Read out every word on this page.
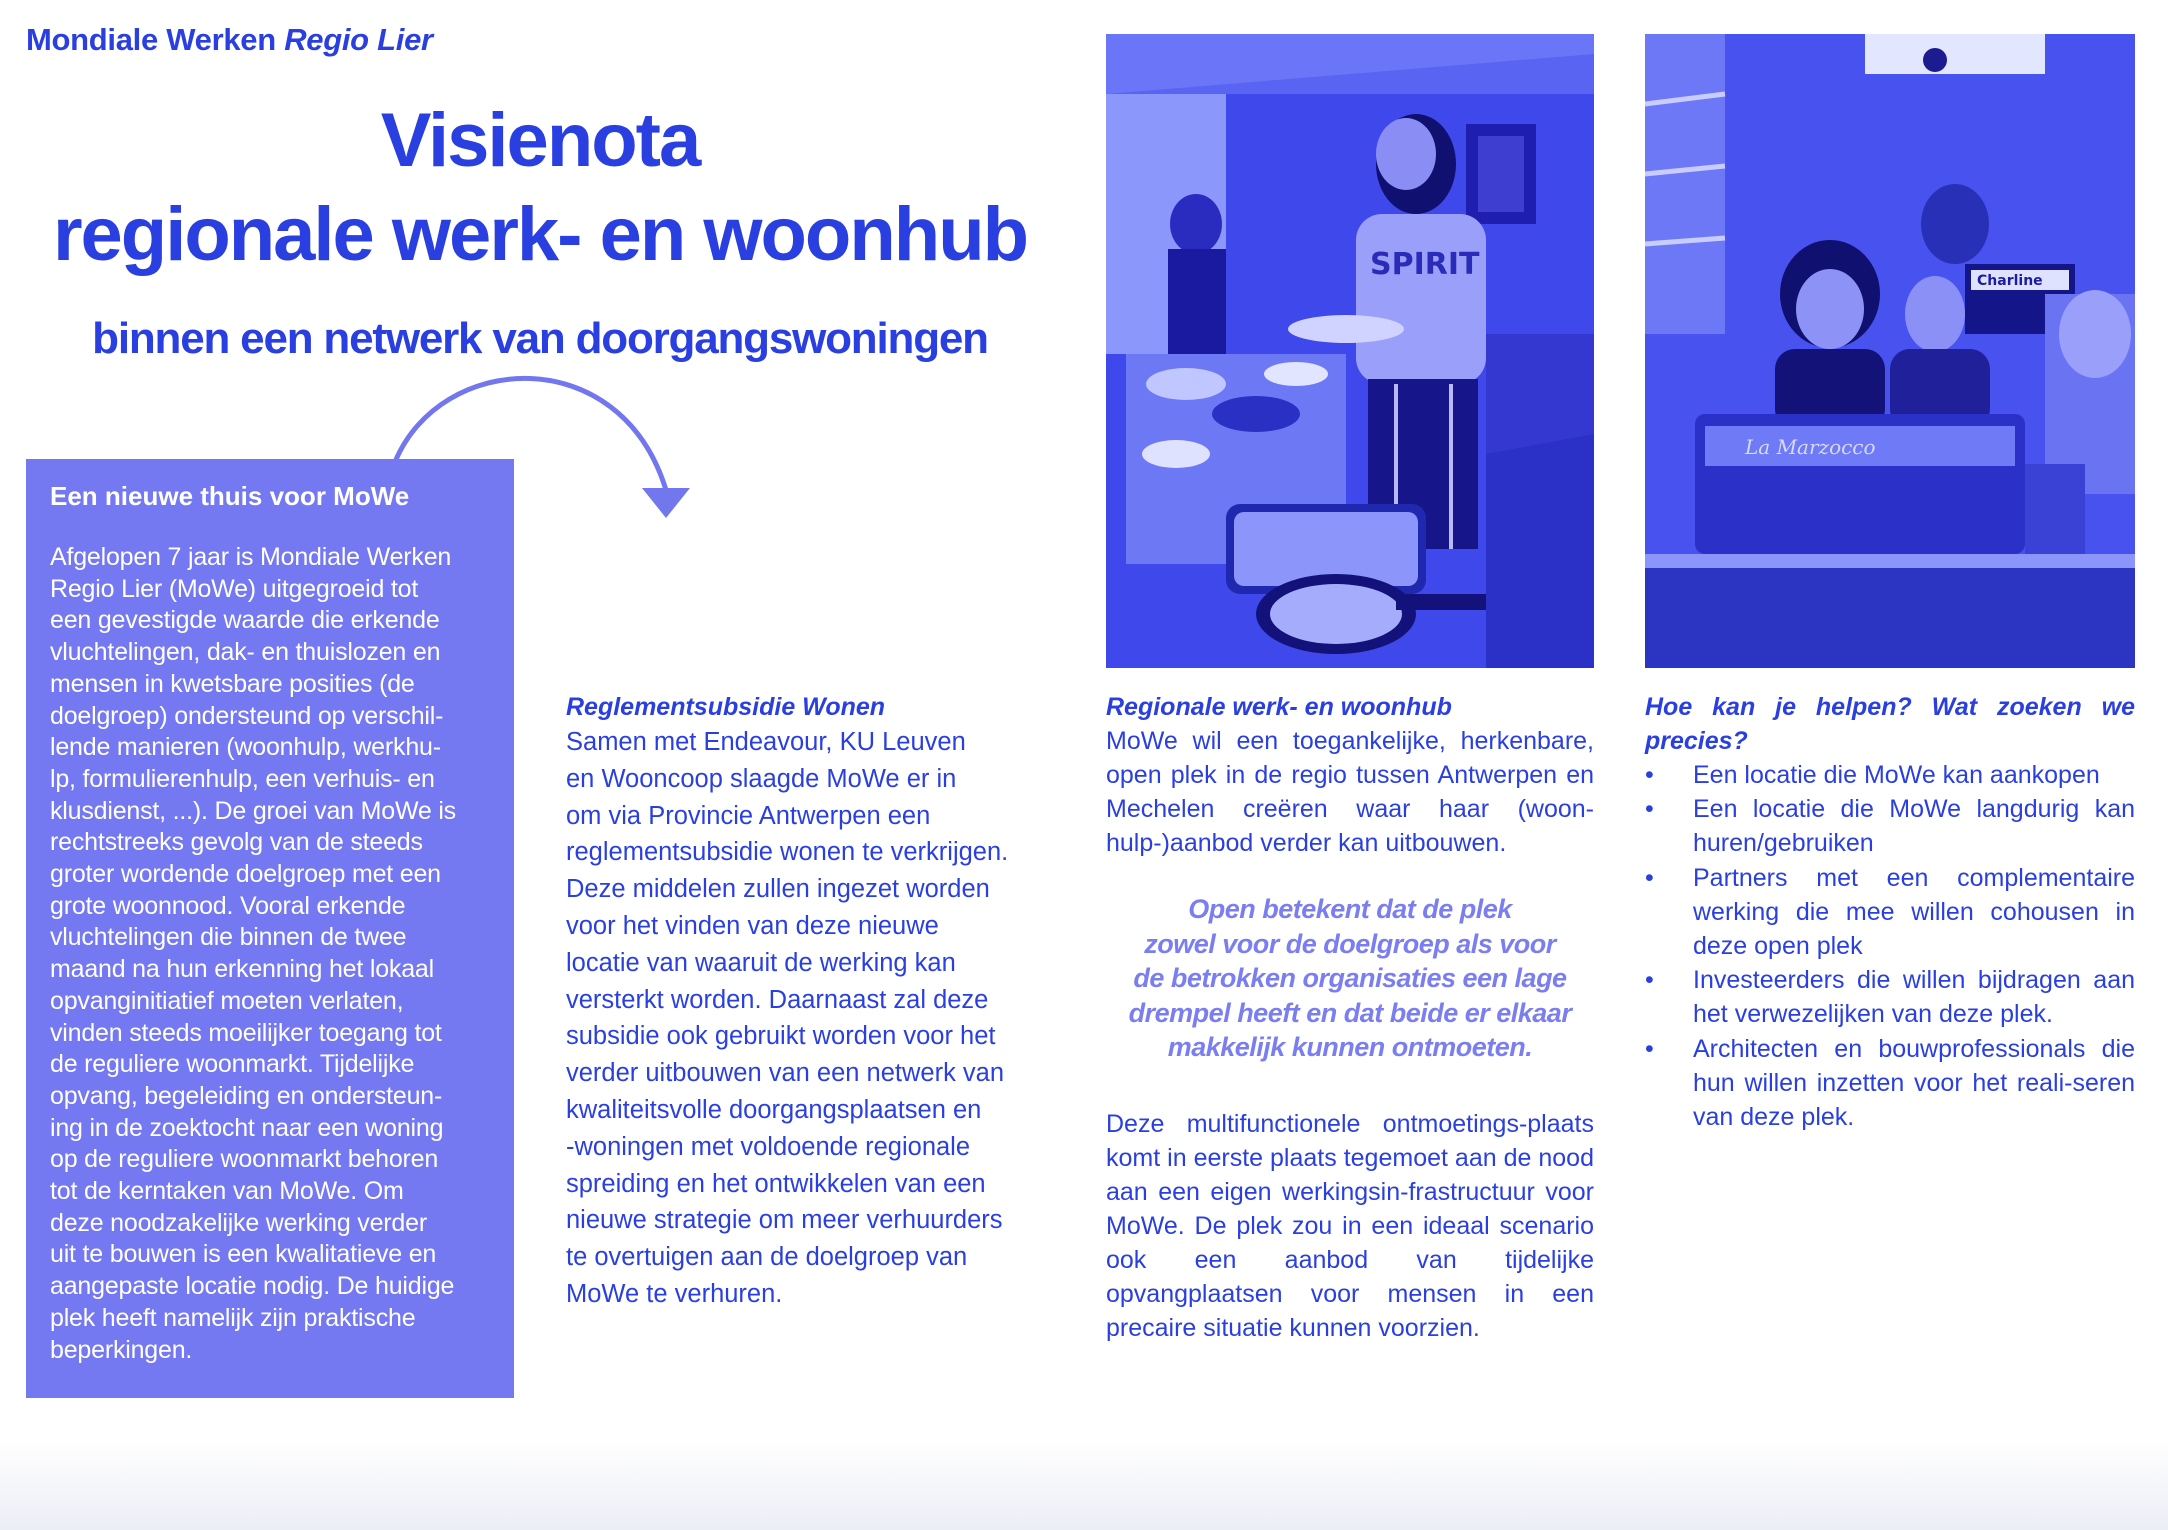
Mondiale Werken Regio Lier
Visienota
regionale werk- en woonhub
binnen een netwerk van doorgangswoningen
Een nieuwe thuis voor MoWe

Afgelopen 7 jaar is Mondiale Werken
Regio Lier (MoWe) uitgegroeid tot
een gevestigde waarde die erkende
vluchtelingen, dak- en thuislozen en
mensen in kwetsbare posities (de
doelgroep) ondersteund op verschil-
lende manieren (woonhulp, werkhu-
lp, formulierenhulp, een verhuis- en
klusdienst, ...). De groei van MoWe is
rechtstreeks gevolg van de steeds
groter wordende doelgroep met een
grote woonnood. Vooral erkende
vluchtelingen die binnen de twee
maand na hun erkenning het lokaal
opvanginitiatief moeten verlaten,
vinden steeds moeilijker toegang tot
de reguliere woonmarkt. Tijdelijke
opvang, begeleiding en ondersteun-
ing in de zoektocht naar een woning
op de reguliere woonmarkt behoren
tot de kerntaken van MoWe. Om
deze noodzakelijke werking verder
uit te bouwen is een kwalitatieve en
aangepaste locatie nodig. De huidige
plek heeft namelijk zijn praktische
beperkingen.

Reglementsubsidie Wonen

Samen met Endeavour, KU Leuven
en Wooncoop slaagde MoWe er in
om via Provincie Antwerpen een
reglementsubsidie wonen te verkrijgen.
Deze middelen zullen ingezet worden
voor het vinden van deze nieuwe
locatie van waaruit de werking kan
versterkt worden. Daarnaast zal deze
subsidie ook gebruikt worden voor het
verder uitbouwen van een netwerk van
kwaliteitsvolle doorgangsplaatsen en
-woningen met voldoende regionale
spreiding en het ontwikkelen van een
nieuwe strategie om meer verhuurders
te overtuigen aan de doelgroep van
MoWe te verhuren.

Regionale werk- en woonhub

MoWe wil een toegankelijke, herkenbare, open plek in de regio tussen Antwerpen en Mechelen creëren waar haar (woon-hulp-)aanbod verder kan uitbouwen.

Open betekent dat de plek
zowel voor de doelgroep als voor
de betrokken organisaties een lage
drempel heeft en dat beide er elkaar
makkelijk kunnen ontmoeten.

Deze multifunctionele ontmoetings-plaats komt in eerste plaats tegemoet aan de nood aan een eigen werkingsin-frastructuur voor MoWe. De plek zou in een ideaal scenario ook een aanbod van tijdelijke opvangplaatsen voor mensen in een precaire situatie kunnen voorzien.

Hoe kan je helpen? Wat zoeken we precies?
• Een locatie die MoWe kan aankopen
• Een locatie die MoWe langdurig kan huren/gebruiken
• Partners met een complementaire werking die mee willen cohousen in deze open plek
• Investeerders die willen bijdragen aan het verwezelijken van deze plek.
• Architecten en bouwprofessionals die hun willen inzetten voor het reali-seren van deze plek.
SPIRIT	Charline
La Marzocco
